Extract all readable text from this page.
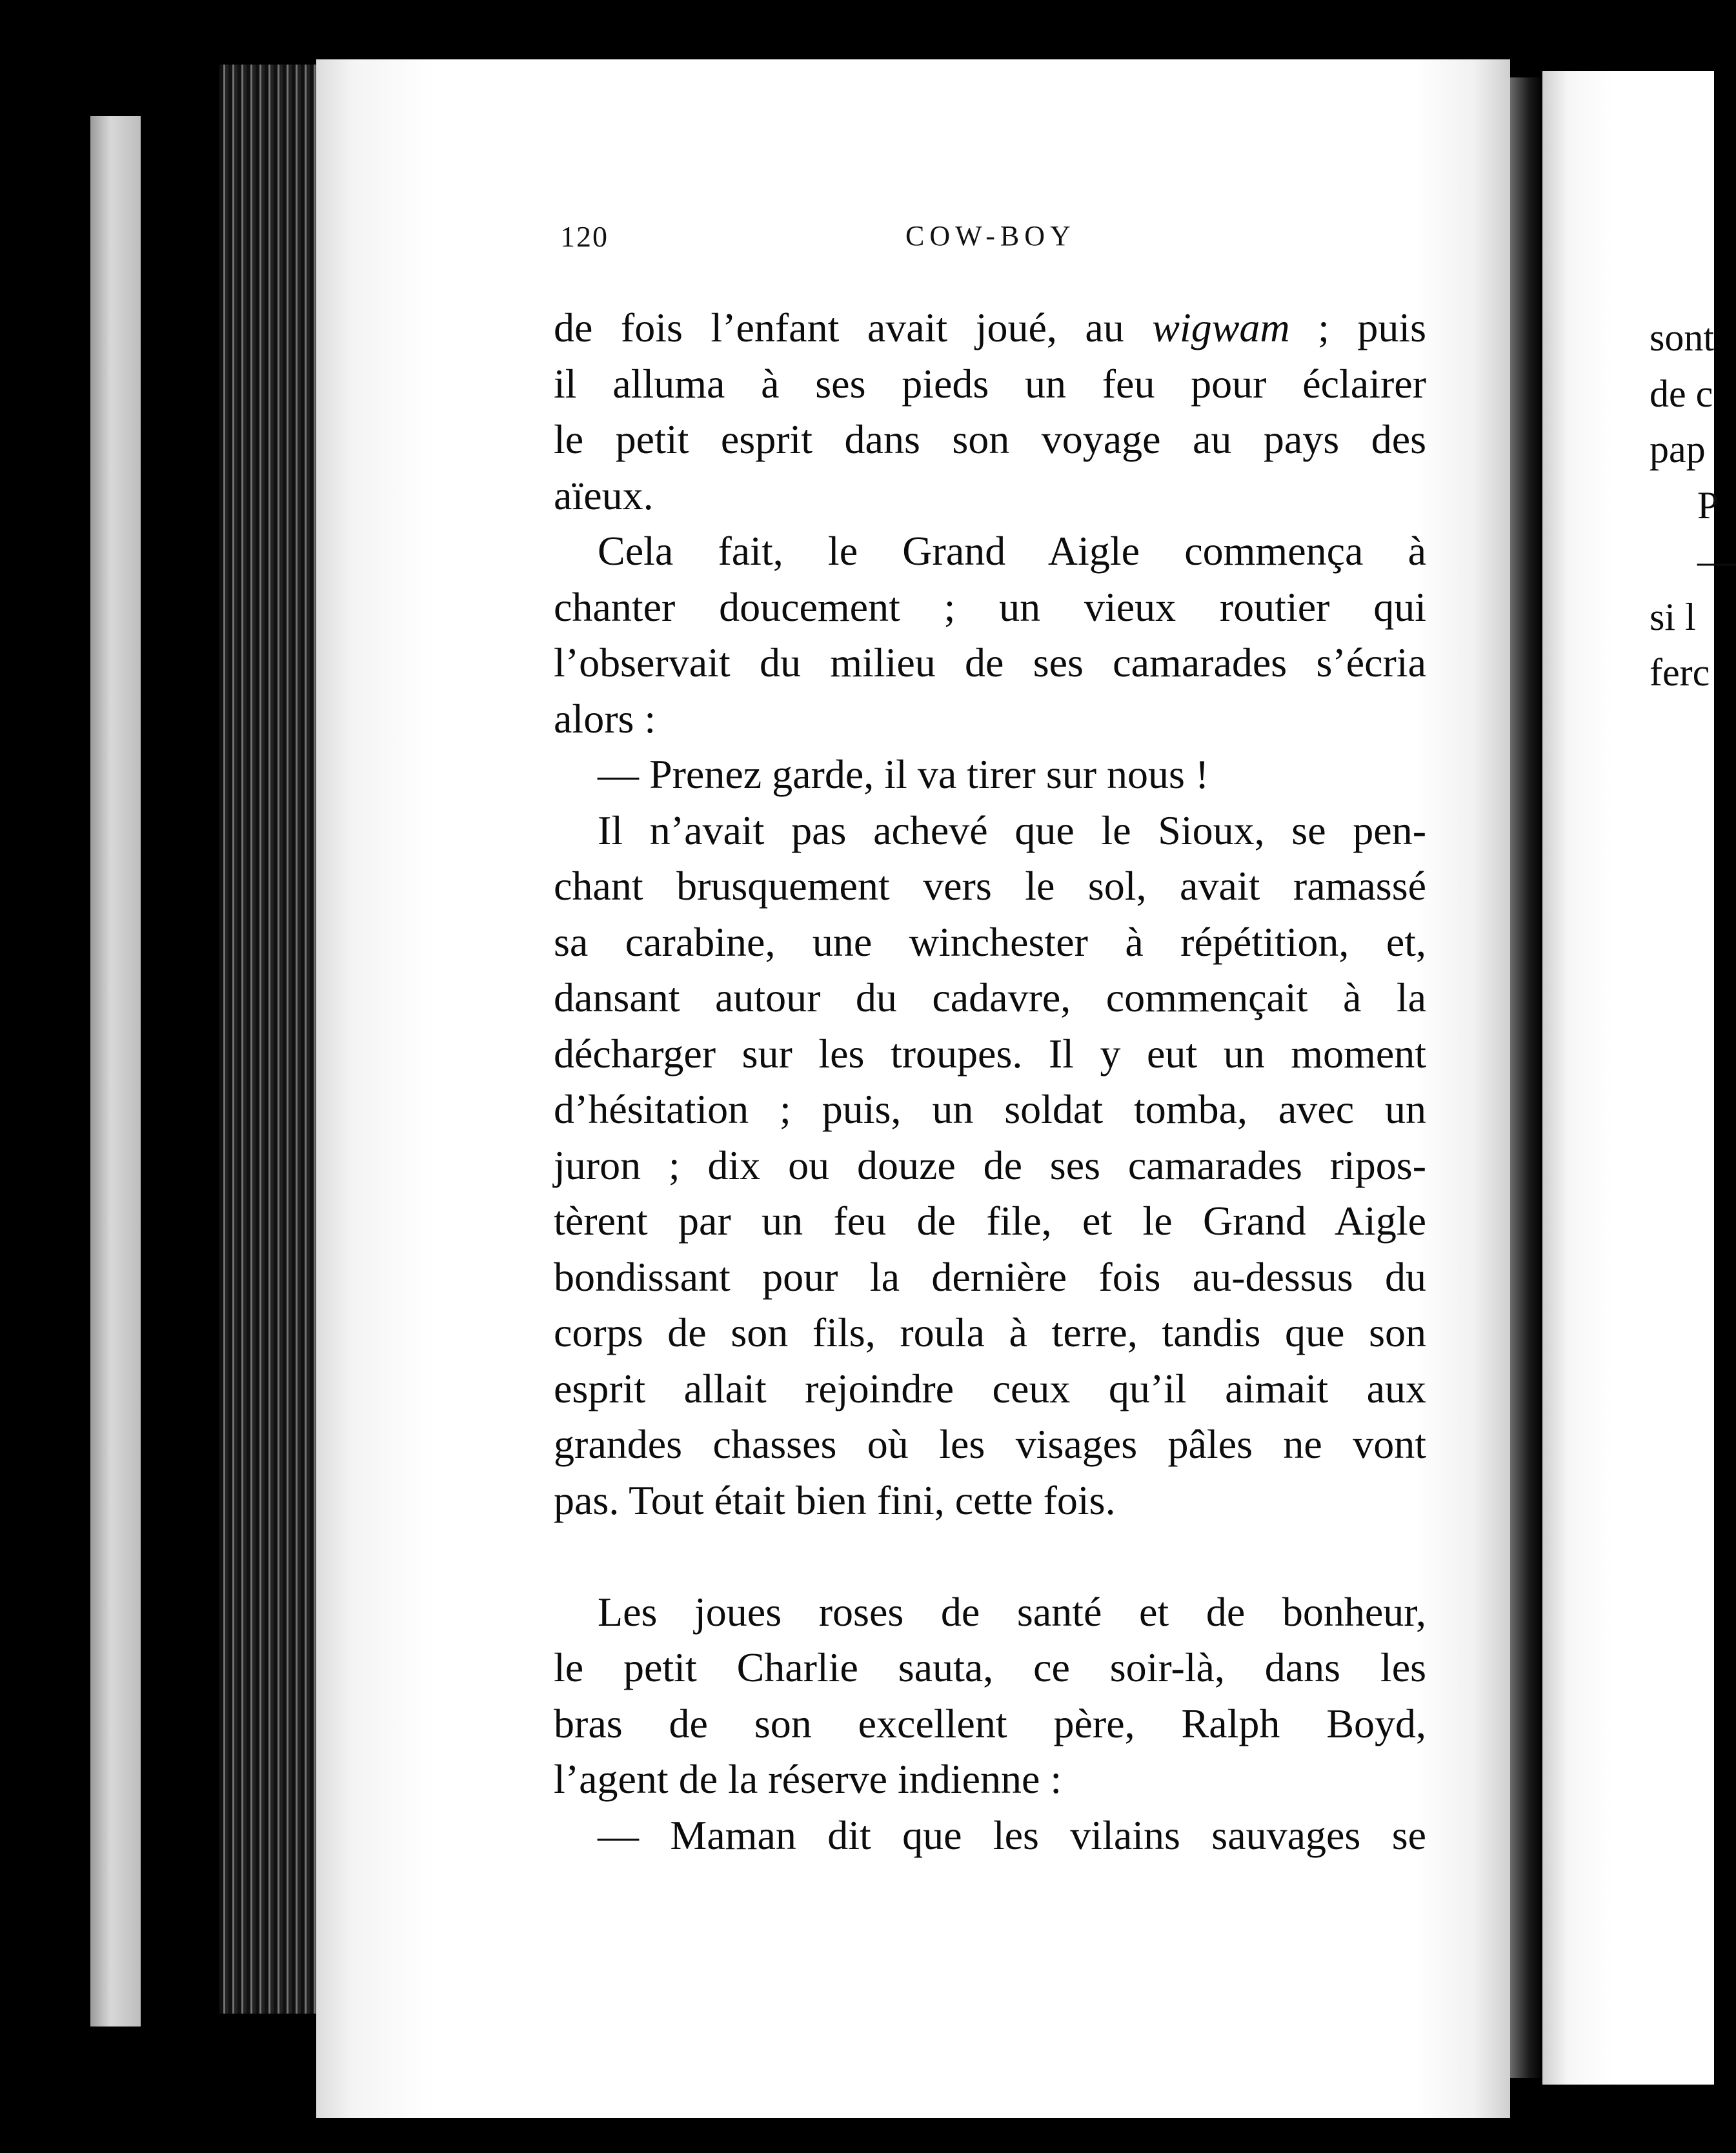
120	COW-BOY
de fois l’enfant avait joué, au wigwam ; puis
il alluma à ses pieds un feu pour éclairer
le petit esprit dans son voyage au pays des
aïeux.
Cela fait, le Grand Aigle commença à
chanter doucement ; un vieux routier qui
l’observait du milieu de ses camarades s’écria
alors :
— Prenez garde, il va tirer sur nous !
Il n’avait pas achevé que le Sioux, se pen-
chant brusquement vers le sol, avait ramassé
sa carabine, une winchester à répétition, et,
dansant autour du cadavre, commençait à la
décharger sur les troupes. Il y eut un moment
d’hésitation ; puis, un soldat tomba, avec un
juron ; dix ou douze de ses camarades ripos-
tèrent par un feu de file, et le Grand Aigle
bondissant pour la dernière fois au-dessus du
corps de son fils, roula à terre, tandis que son
esprit allait rejoindre ceux qu’il aimait aux
grandes chasses où les visages pâles ne vont
pas. Tout était bien fini, cette fois.
Les joues roses de santé et de bonheur,
le petit Charlie sauta, ce soir-là, dans les
bras de son excellent père, Ralph Boyd,
l’agent de la réserve indienne :
— Maman dit que les vilains sauvages se
sont
de c
pap
P
—
si l
ferc
